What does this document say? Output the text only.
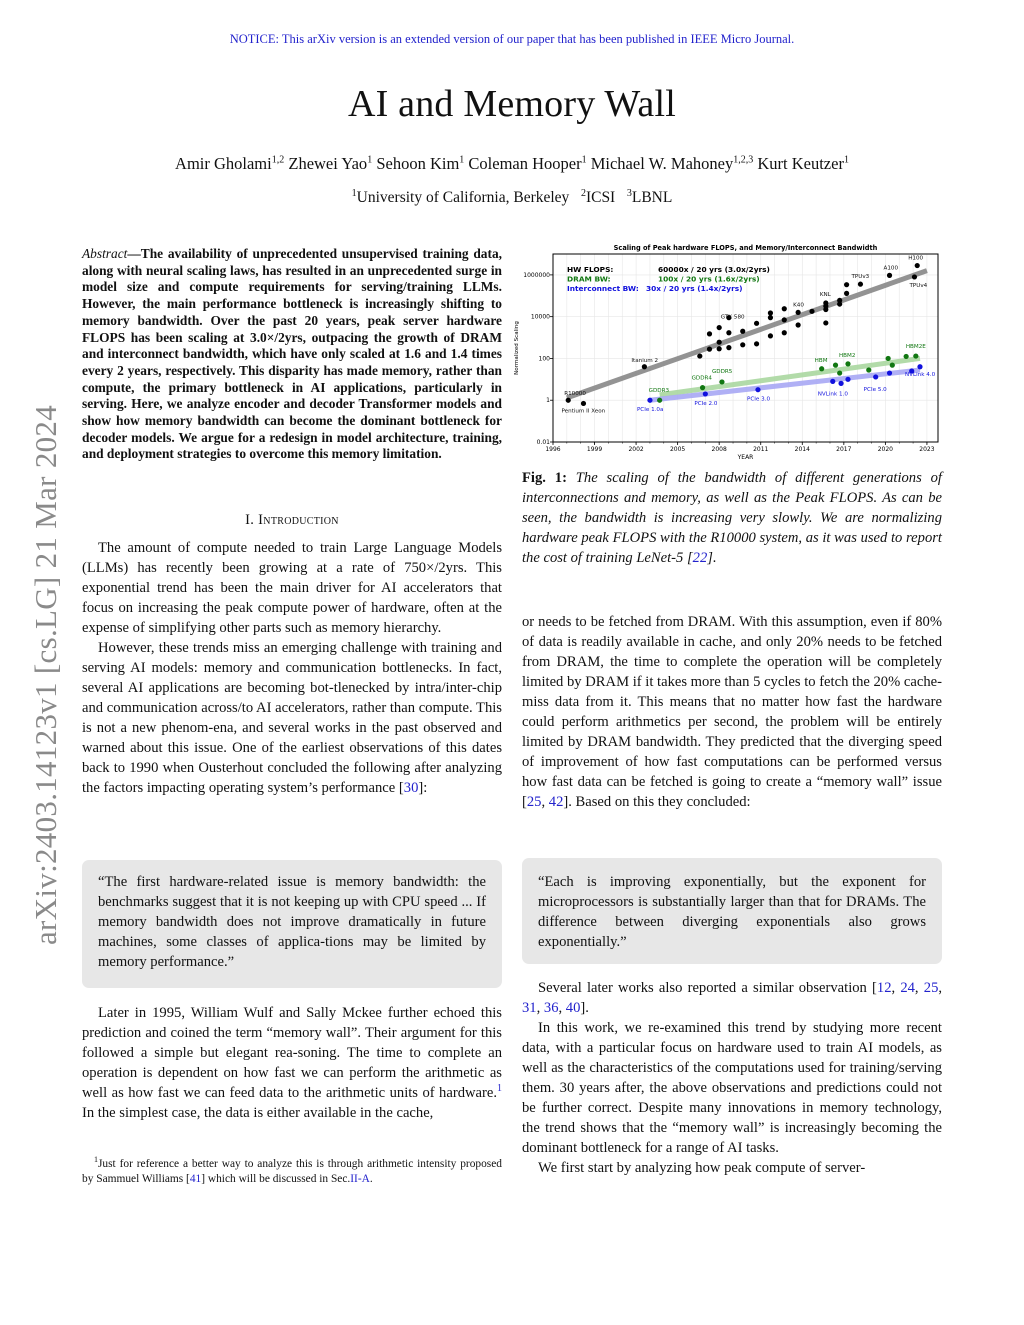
NOTICE: This arXiv version is an extended version of our paper that has been published in IEEE Micro Journal.
AI and Memory Wall
Amir Gholami$^{1,2}$ Zhewei Yao$^1$ Sehoon Kim$^1$ Coleman Hooper$^1$ Michael W. Mahoney$^{1,2,3}$ Kurt Keutzer$^1$
$^1$University of California, Berkeley $^2$ICSI $^3$LBNL
arXiv:2403.14123v1 [cs.LG] 21 Mar 2024
Abstract—The availability of unprecedented unsupervised training data, along with neural scaling laws, has resulted in an unprecedented surge in model size and compute requirements for serving/training LLMs. However, the main performance bottleneck is increasingly shifting to memory bandwidth. Over the past 20 years, peak server hardware FLOPS has been scaling at 3.0×/2yrs, outpacing the growth of DRAM and interconnect bandwidth, which have only scaled at 1.6 and 1.4 times every 2 years, respectively. This disparity has made memory, rather than compute, the primary bottleneck in AI applications, particularly in serving. Here, we analyze encoder and decoder Transformer models and show how memory bandwidth can become the dominant bottleneck for decoder models. We argue for a redesign in model architecture, training, and deployment strategies to overcome this memory limitation.
I. Introduction

The amount of compute needed to train Large Language Models (LLMs) has recently been growing at a rate of 750×/2yrs. This exponential trend has been the main driver for AI accelerators that focus on increasing the peak compute power of hardware, often at the expense of simplifying other parts such as memory hierarchy.

However, these trends miss an emerging challenge with training and serving AI models: memory and communication bottlenecks. In fact, several AI applications are becoming bot-tlenecked by intra/inter-chip and communication across/to AI accelerators, rather than compute. This is not a new phenom-ena, and several works in the past observed and warned about this issue. One of the earliest observations of this dates back to 1990 when Ousterhout concluded the following after analyzing the factors impacting operating system’s performance [30]:

“The first hardware-related issue is memory bandwidth: the benchmarks suggest that it is not keeping up with CPU speed ... If memory bandwidth does not improve dramatically in future machines, some classes of applica-tions may be limited by memory performance.”

Later in 1995, William Wulf and Sally Mckee further echoed this prediction and coined the term “memory wall”. Their argument for this followed a simple but elegant rea-soning. The time to complete an operation is dependent on how fast we can perform the arithmetic as well as how fast we can feed data to the arithmetic units of hardware.$^1$ In the simplest case, the data is either available in the cache,

$^1$Just for reference a better way to analyze this is through arithmetic intensity proposed by Sammuel Williams [41] which will be discussed in Sec.II-A.

Scaling of Peak hardware FLOPS, and Memory/Interconnect Bandwidth
1996	1999	2002	2005	2008	2011	2014	2017	2020	2023
0.01
1
100
10000
1000000
YEAR
Normalized Scaling
R10000
Pentium II Xeon
Itanium 2
GTX 580
K40
KNL
TPUv3
A100
H100
TPUv4
GDDR3
GDDR4
GDDR5
HBM
HBM2
HBM2E
PCIe 1.0a
PCIe 2.0
PCIe 3.0
NVLink 1.0
PCIe 5.0
NVLink 4.0
HW FLOPS:	60000x / 20 yrs (3.0x/2yrs)
DRAM BW:	100x / 20 yrs (1.6x/2yrs)
Interconnect BW: 30x / 20 yrs (1.4x/2yrs)
Fig. 1: The scaling of the bandwidth of different generations of interconnections and memory, as well as the Peak FLOPS. As can be seen, the bandwidth is increasing very slowly. We are normalizing hardware peak FLOPS with the R10000 system, as it was used to report the cost of training LeNet-5 [22].

or needs to be fetched from DRAM. With this assumption, even if 80% of data is readily available in cache, and only 20% needs to be fetched from DRAM, the time to complete the operation will be completely limited by DRAM if it takes more than 5 cycles to fetch the 20% cache-miss data from it. This means that no matter how fast the hardware could perform arithmetics per second, the problem will be entirely limited by DRAM bandwidth. They predicted that the diverging speed of improvement of how fast computations can be performed versus how fast data can be fetched is going to create a “memory wall” issue [25, 42]. Based on this they concluded:

“Each is improving exponentially, but the exponent for microprocessors is substantially larger than that for DRAMs. The difference between diverging exponentials also grows exponentially.”

Several later works also reported a similar observation [12, 24, 25, 31, 36, 40].

In this work, we re-examined this trend by studying more recent data, with a particular focus on hardware used to train AI models, as well as the characteristics of the computations used for training/serving them. 30 years after, the above observations and predictions could not be further correct. Despite many innovations in memory technology, the trend shows that the “memory wall” is increasingly becoming the dominant bottleneck for a range of AI tasks.

We first start by analyzing how peak compute of server-
